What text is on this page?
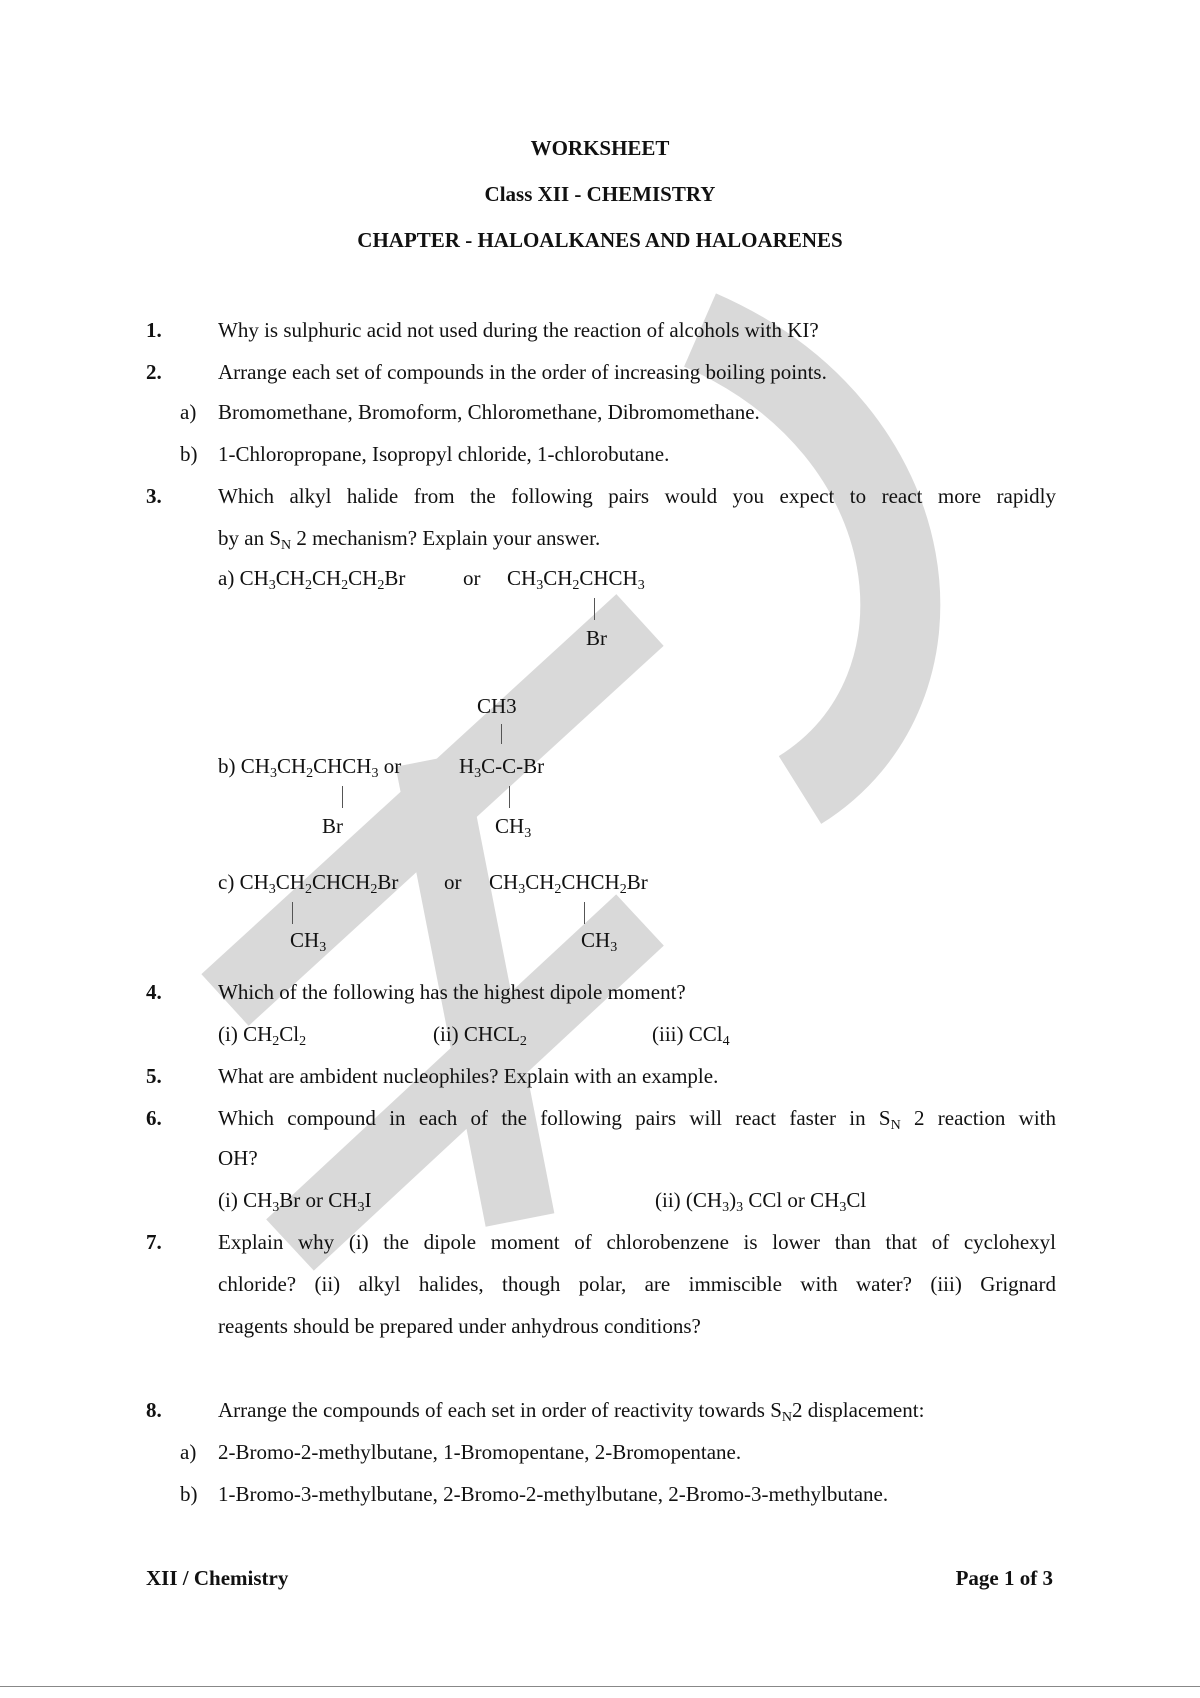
WORKSHEET
Class XII - CHEMISTRY
CHAPTER - HALOALKANES AND HALOARENES
1.	Why is sulphuric acid not used during the reaction of alcohols with KI?
2.	Arrange each set of compounds in the order of increasing boiling points.
a) Bromomethane, Bromoform, Chloromethane, Dibromomethane.
b) 1-Chloropropane, Isopropyl chloride, 1-chlorobutane.
3.	Which alkyl halide from the following pairs would you expect to react more rapidly
by an $S_N$ 2 mechanism? Explain your answer.
a) $CH_3CH_2CH_2CH_2Br$	or $CH_3CH_2CHCH_3$
Br
CH3
b) $CH_3CH_2CHCH_3$ or	$H_3C-C-Br$
Br	$CH_3$
c) $CH_3CH_2CHCH_2Br$ or $CH_3CH_2CHCH_2Br$
$CH_3$	$CH_3$
4.	Which of the following has the highest dipole moment?
(i) $CH_2Cl_2$	(ii) $CHCL_2$	(iii) CCl$_4$
5.	What are ambident nucleophiles? Explain with an example.
6.	Which compound in each of the following pairs will react faster in $S_N$ 2 reaction with
OH?
(i) $CH_3Br$ or $CH_3I$	(ii) $(CH_3)_3$ CCl or $CH_3Cl$
7.	Explain why (i) the dipole moment of chlorobenzene is lower than that of cyclohexyl
chloride? (ii) alkyl halides, though polar, are immiscible with water? (iii) Grignard
reagents should be prepared under anhydrous conditions?
8.	Arrange the compounds of each set in order of reactivity towards $S_N2$ displacement:
a) 2-Bromo-2-methylbutane, 1-Bromopentane, 2-Bromopentane.
b) 1-Bromo-3-methylbutane, 2-Bromo-2-methylbutane, 2-Bromo-3-methylbutane.
XII / Chemistry	Page 1 of 3
